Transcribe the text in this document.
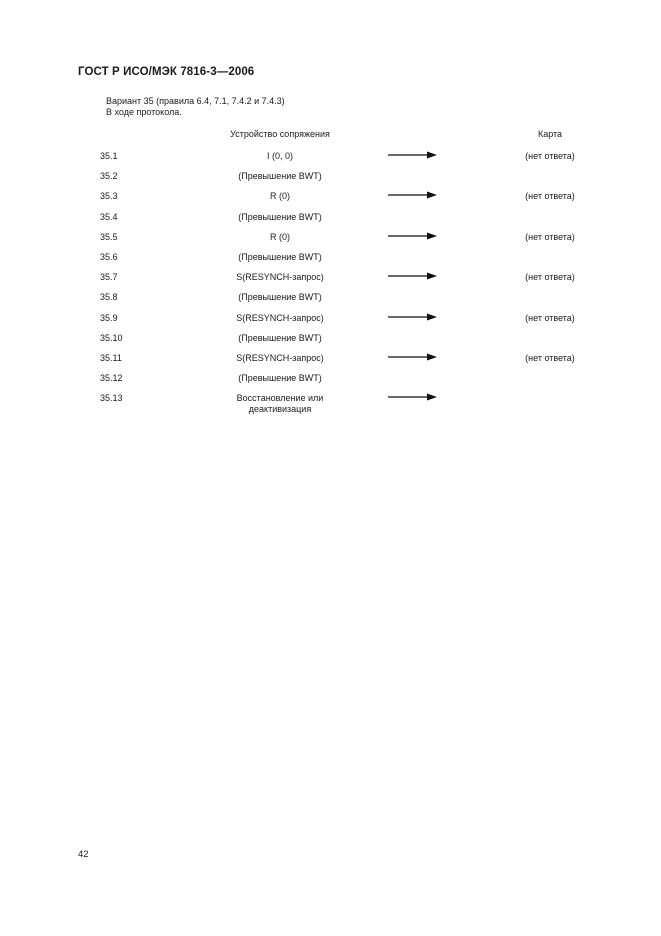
ГОСТ Р ИСО/МЭК 7816-3—2006
Вариант 35 (правила 6.4, 7.1, 7.4.2 и 7.4.3)
В ходе протокола.
Устройство сопряжения	Карта
35.1	I (0, 0)	(нет ответа)
35.2	(Превышение BWT)
35.3	R (0)	(нет ответа)
35.4	(Превышение BWT)
35.5	R (0)	(нет ответа)
35.6	(Превышение BWT)
35.7	S(RESYNCH-запрос)	(нет ответа)
35.8	(Превышение BWT)
35.9	S(RESYNCH-запрос)	(нет ответа)
35.10	(Превышение BWT)
35.11	S(RESYNCH-запрос)	(нет ответа)
35.12	(Превышение BWT)
35.13	Восстановление или деактивизация
42
